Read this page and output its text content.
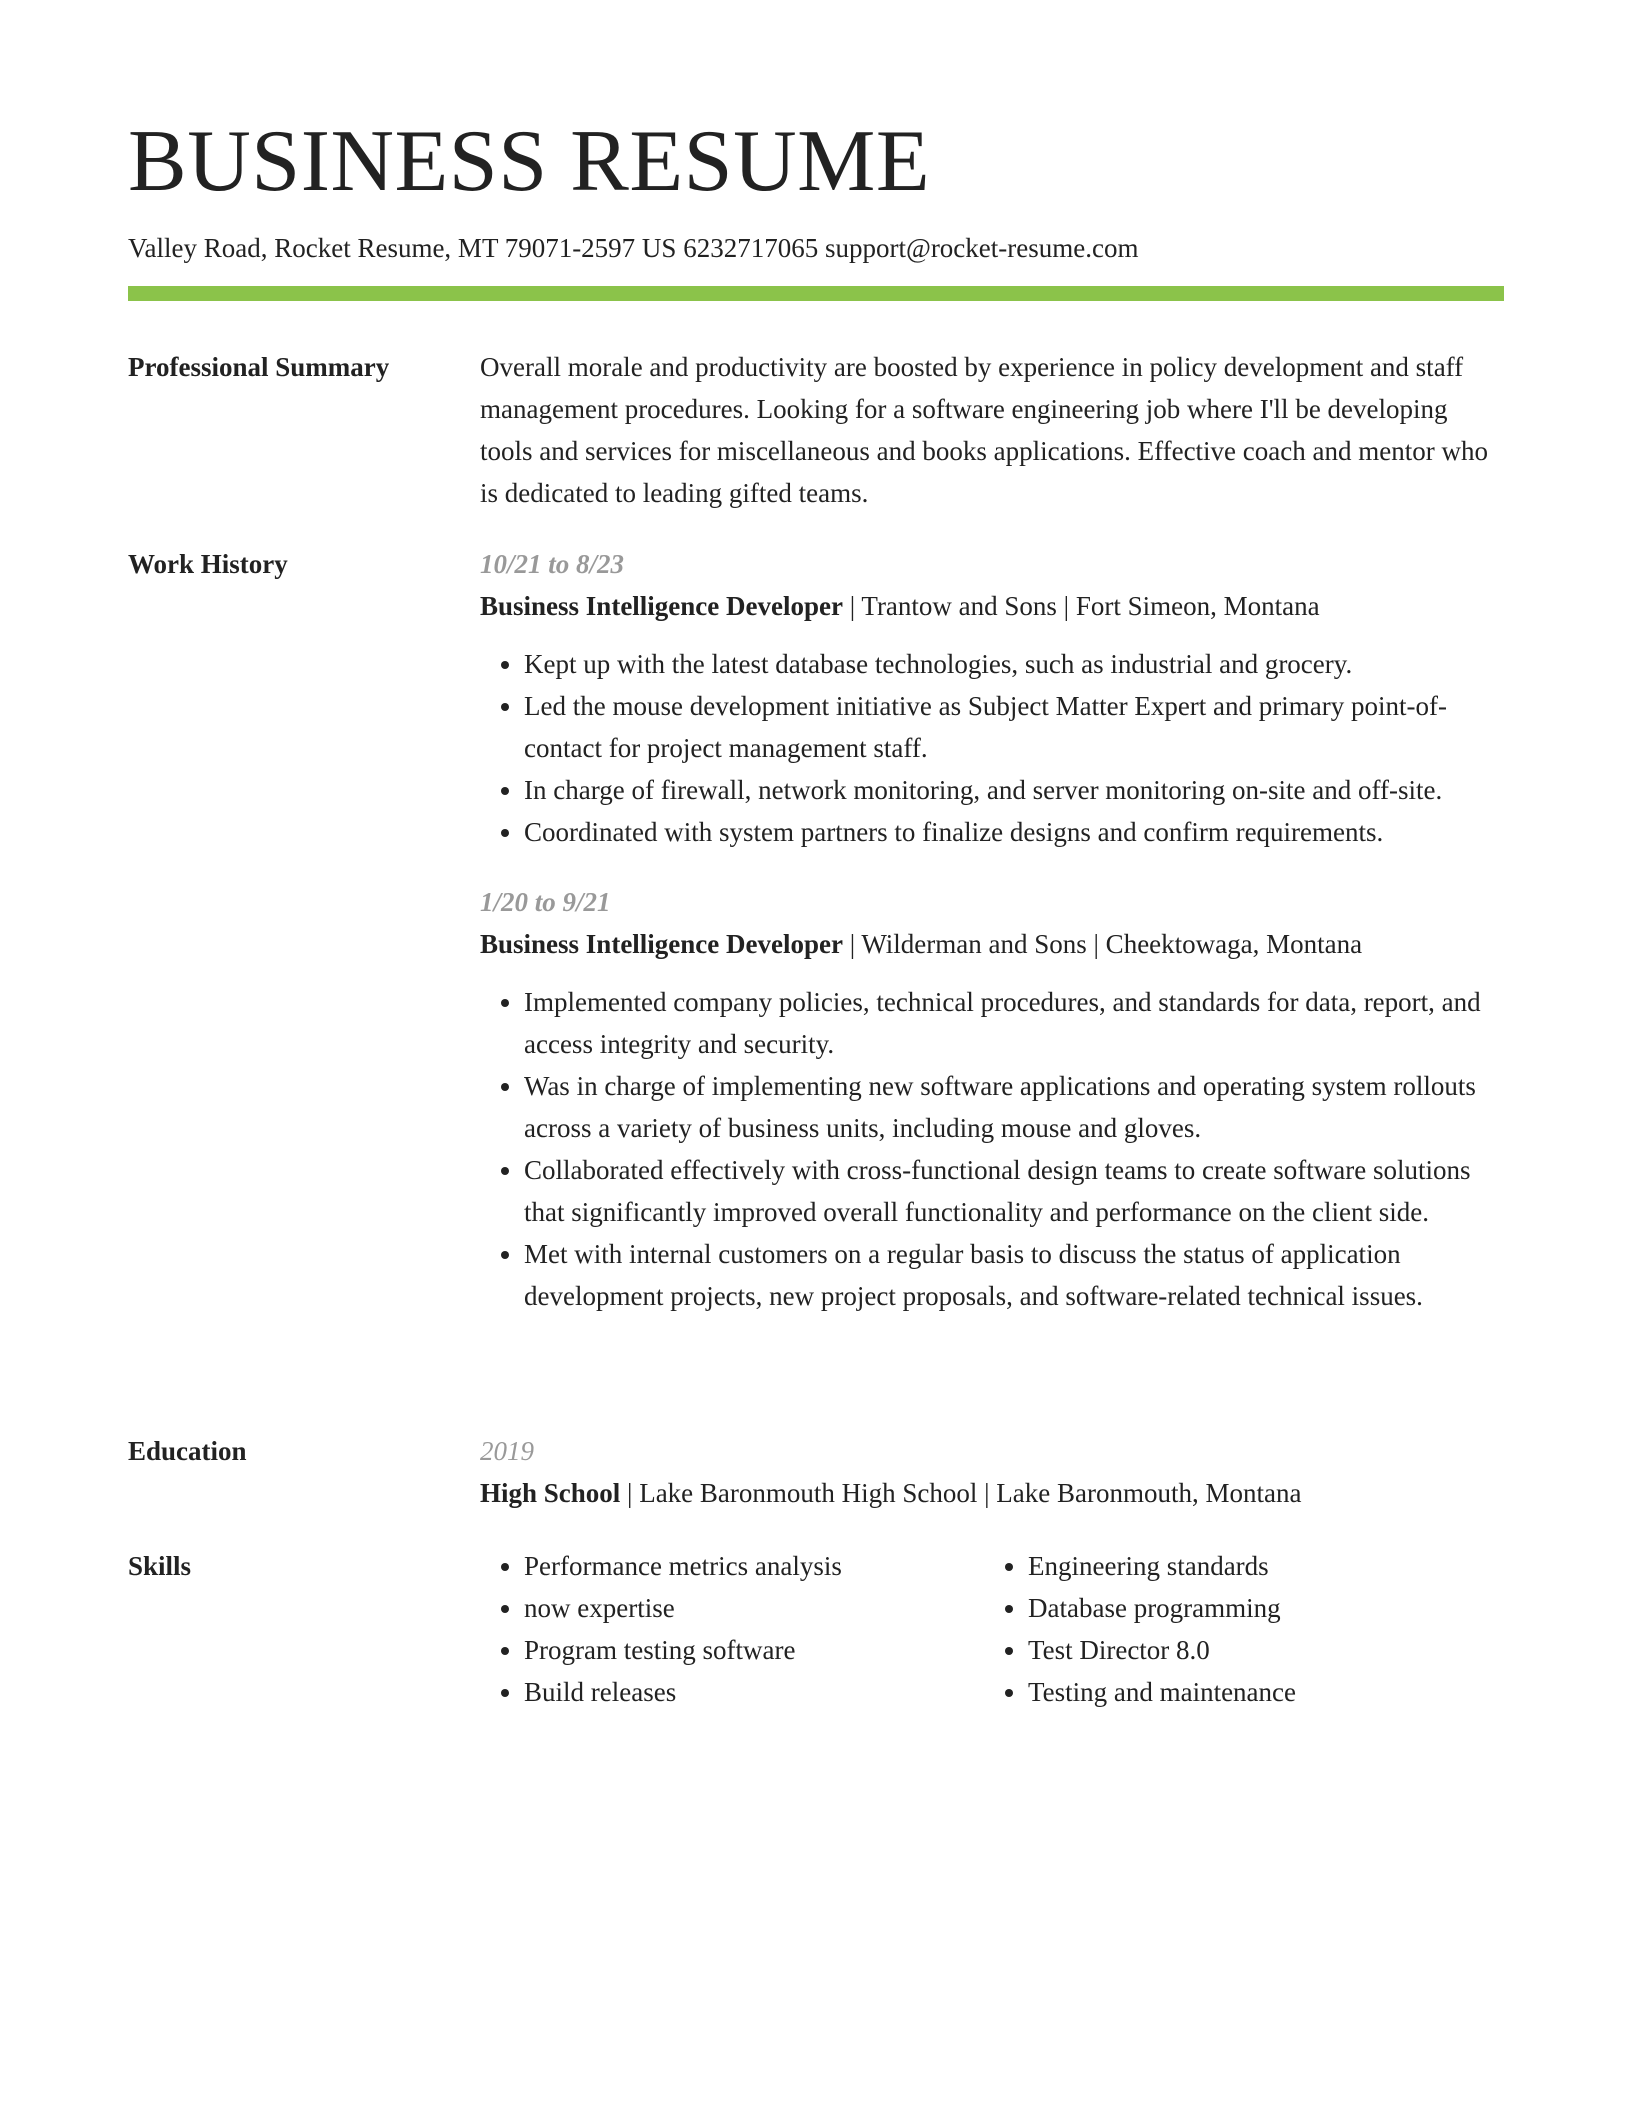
BUSINESS RESUME
Valley Road, Rocket Resume, MT 79071-2597 US 6232717065 support@rocket-resume.com
Professional Summary	Overall morale and productivity are boosted by experience in policy development and staff management procedures. Looking for a software engineering job where I'll be developing tools and services for miscellaneous and books applications. Effective coach and mentor who is dedicated to leading gifted teams.

Work History	10/21 to 8/23
Business Intelligence Developer | Trantow and Sons | Fort Simeon, Montana
• Kept up with the latest database technologies, such as industrial and grocery.
• Led the mouse development initiative as Subject Matter Expert and primary point-of-contact for project management staff.
• In charge of firewall, network monitoring, and server monitoring on-site and off-site.
• Coordinated with system partners to finalize designs and confirm requirements.
1/20 to 9/21
Business Intelligence Developer | Wilderman and Sons | Cheektowaga, Montana
• Implemented company policies, technical procedures, and standards for data, report, and access integrity and security.
• Was in charge of implementing new software applications and operating system rollouts across a variety of business units, including mouse and gloves.
• Collaborated effectively with cross-functional design teams to create software solutions that significantly improved overall functionality and performance on the client side.
• Met with internal customers on a regular basis to discuss the status of application development projects, new project proposals, and software-related technical issues.
Education	2019
High School | Lake Baronmouth High School | Lake Baronmouth, Montana
Skills
•	Performance metrics analysis
• now expertise
• Program testing software
• Build releases
• Engineering standards
• Database programming
• Test Director 8.0
• Testing and maintenance
